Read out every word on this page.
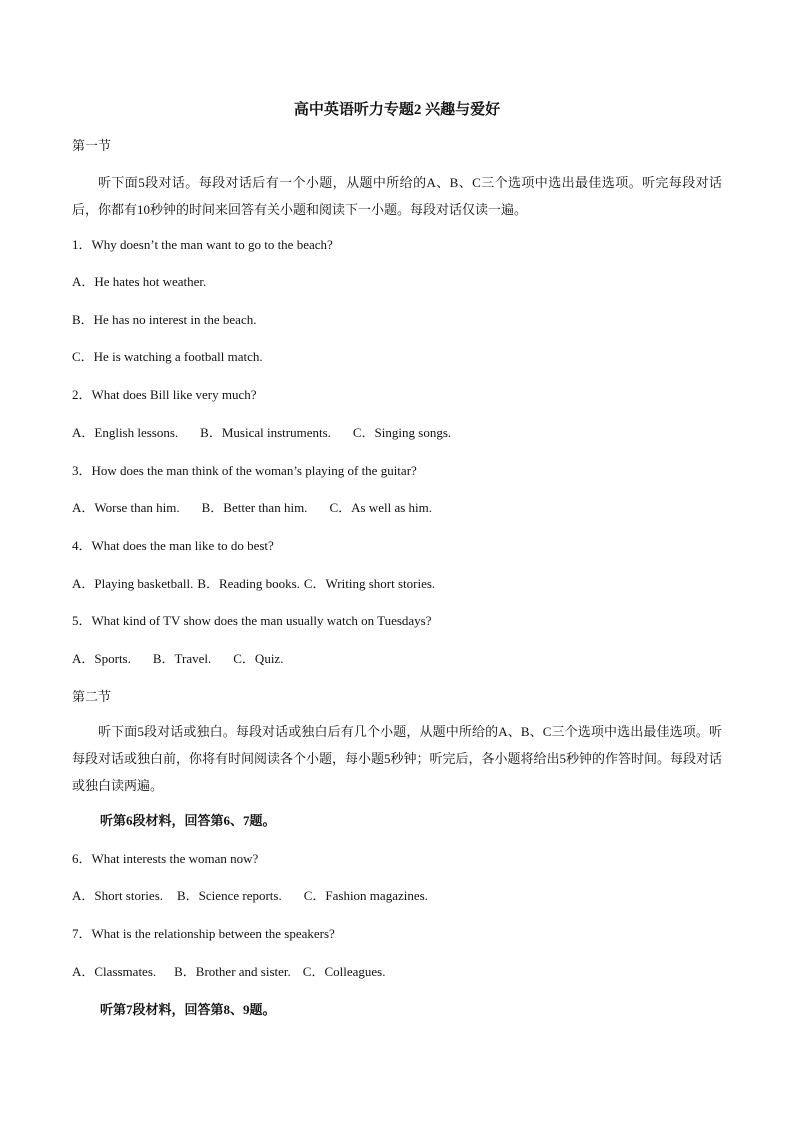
高中英语听力专题2 兴趣与爱好
第一节
听下面5段对话。每段对话后有一个小题，从题中所给的A、B、C三个选项中选出最佳选项。听完每段对话后，你都有10秒钟的时间来回答有关小题和阅读下一小题。每段对话仅读一遍。
1．Why doesn’t the man want to go to the beach?
A．He hates hot weather.
B．He has no interest in the beach.
C．He is watching a football match.
2．What does Bill like very much?
A．English lessons. B．Musical instruments. C．Singing songs.
3．How does the man think of the woman’s playing of the guitar?
A．Worse than him. B．Better than him. C．As well as him.
4．What does the man like to do best?
A．Playing basketball. B．Reading books. C．Writing short stories.
5．What kind of TV show does the man usually watch on Tuesdays?
A．Sports. B．Travel. C．Quiz.
第二节
听下面5段对话或独白。每段对话或独白后有几个小题，从题中所给的A、B、C三个选项中选出最佳选项。听每段对话或独白前，你将有时间阅读各个小题，每小题5秒钟；听完后，各小题将给出5秒钟的作答时间。每段对话或独白读两遍。
听第6段材料，回答第6、7题。
6．What interests the woman now?
A．Short stories. B．Science reports. C．Fashion magazines.
7．What is the relationship between the speakers?
A．Classmates. B．Brother and sister. C．Colleagues.
听第7段材料，回答第8、9题。
